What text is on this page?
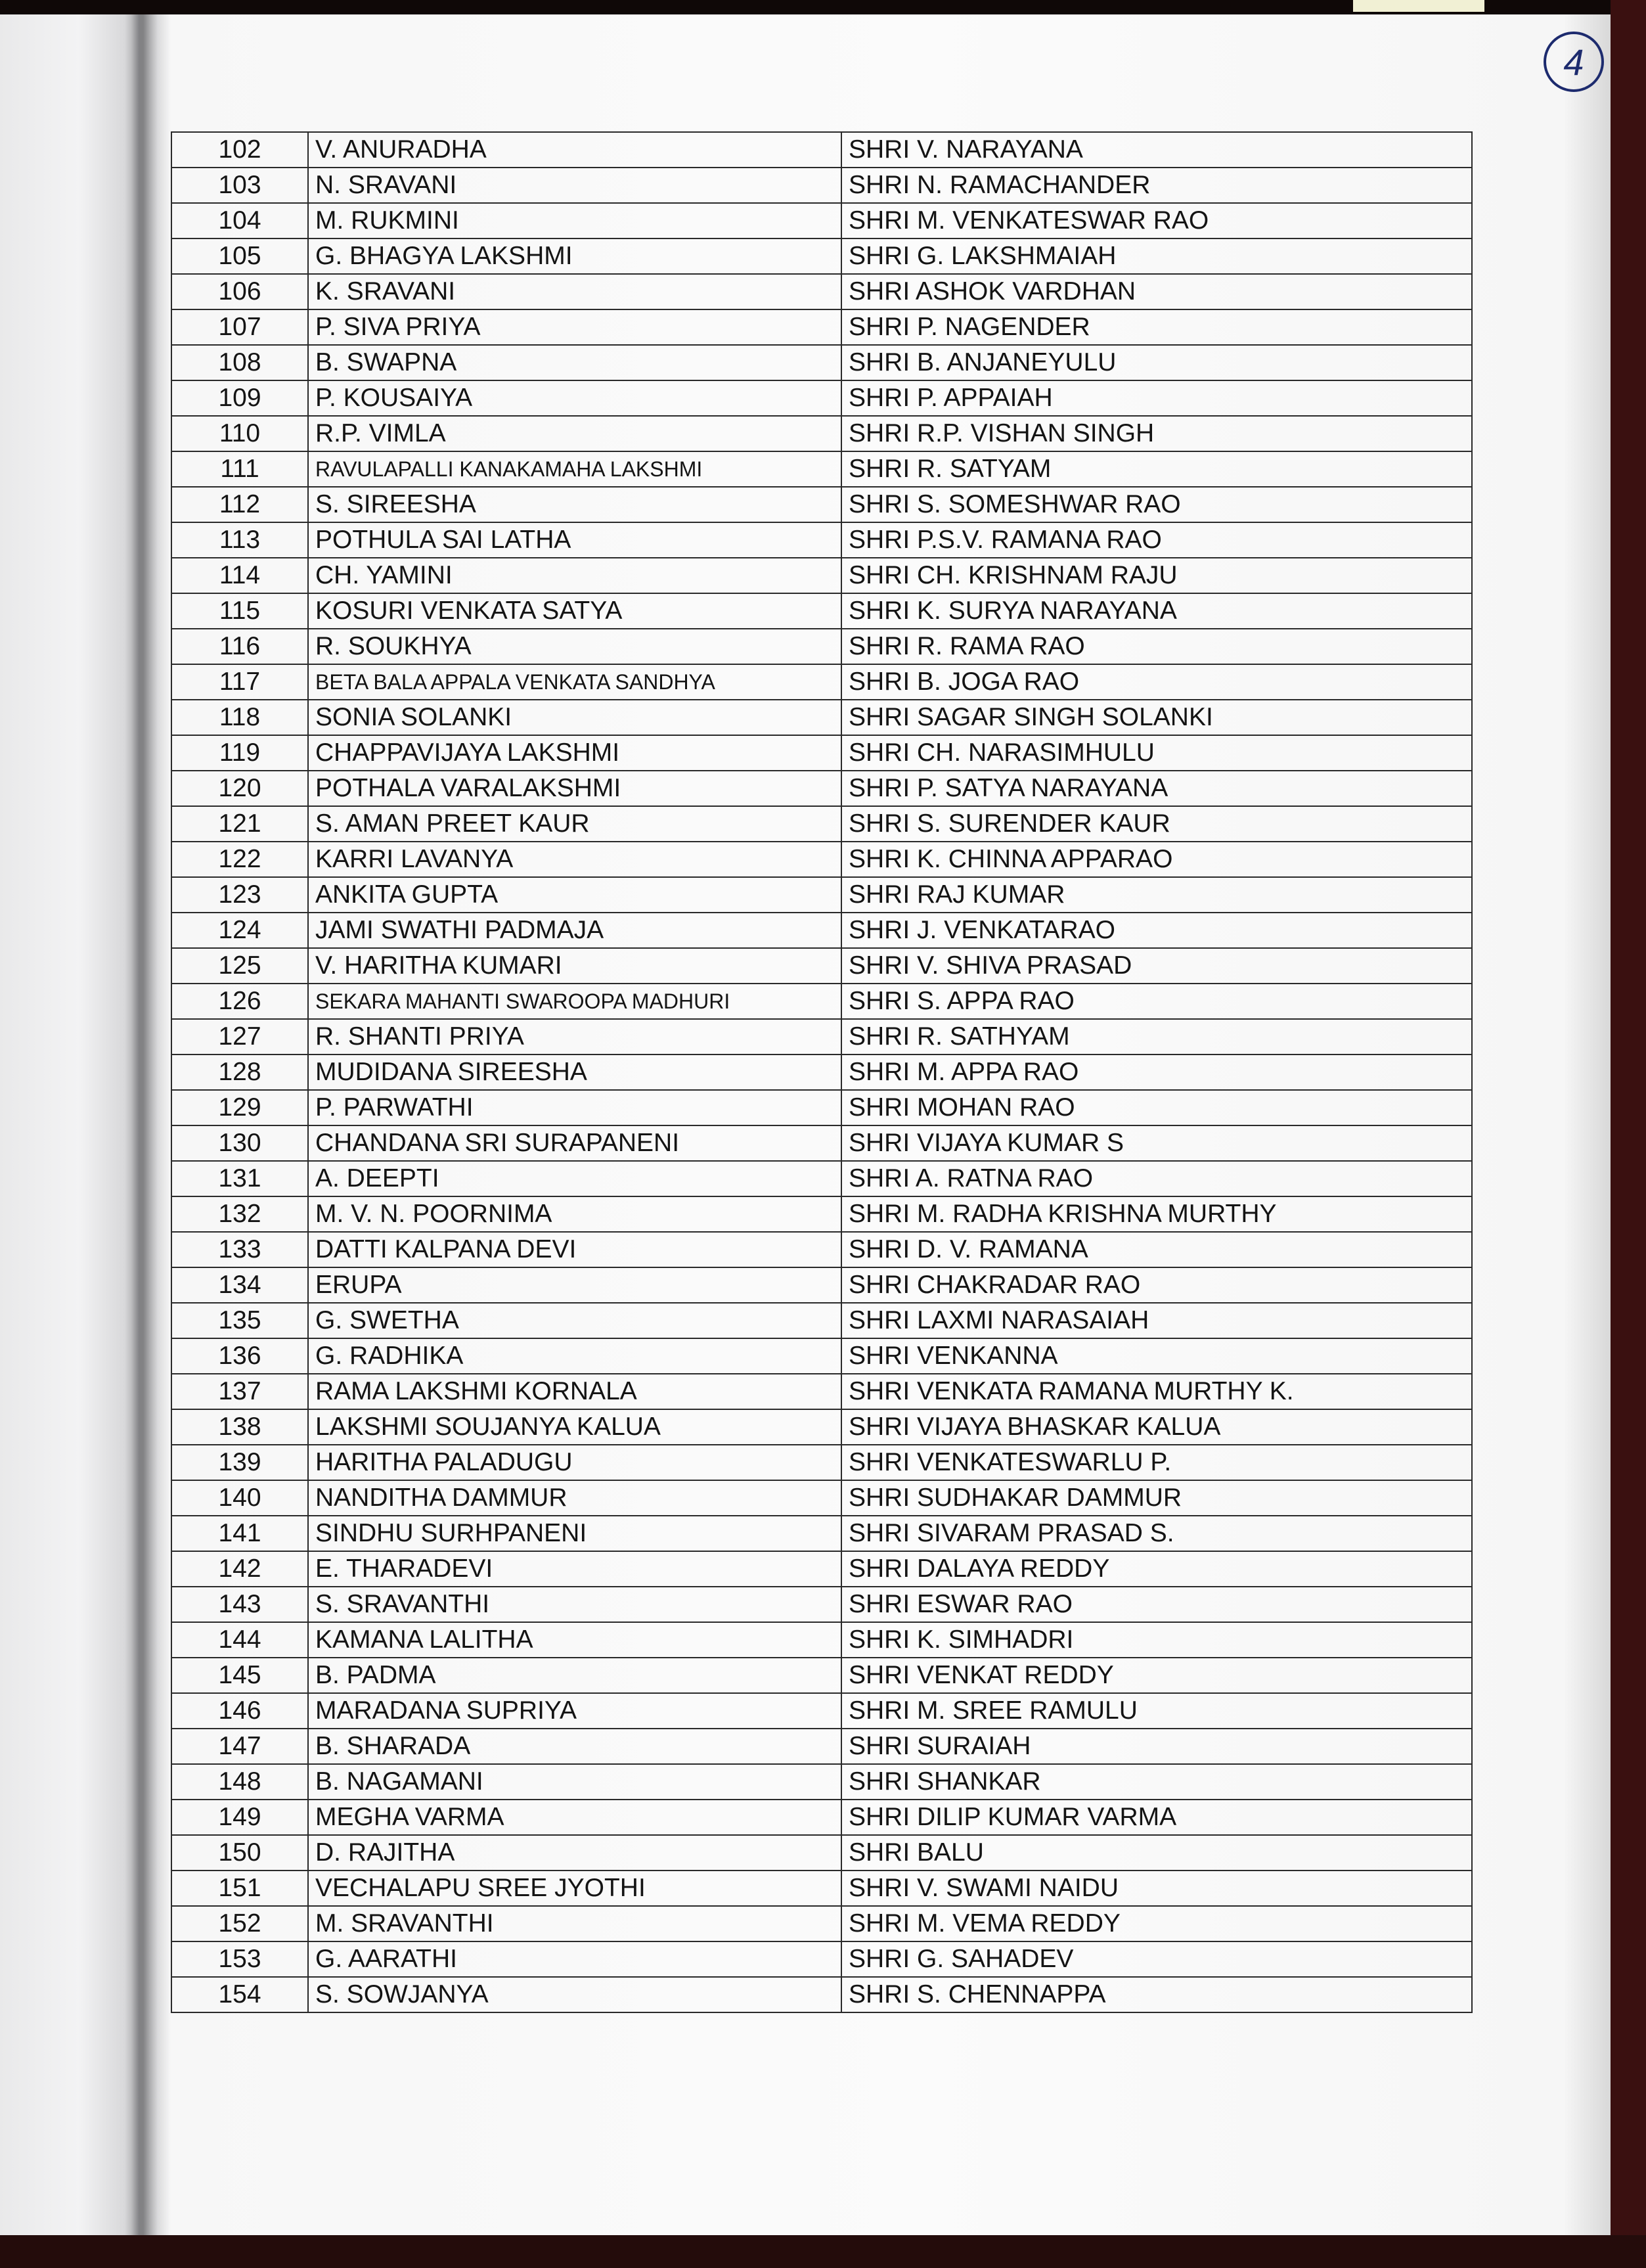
4
102	V. ANURADHA	SHRI V. NARAYANA
103	N. SRAVANI	SHRI N. RAMACHANDER
104	M. RUKMINI	SHRI M. VENKATESWAR RAO
105	G. BHAGYA LAKSHMI	SHRI G. LAKSHMAIAH
106	K. SRAVANI	SHRI ASHOK VARDHAN
107	P. SIVA PRIYA	SHRI P. NAGENDER
108	B. SWAPNA	SHRI B. ANJANEYULU
109	P. KOUSAIYA	SHRI P. APPAIAH
110	R.P. VIMLA	SHRI R.P. VISHAN SINGH
111	RAVULAPALLI KANAKAMAHA LAKSHMI	SHRI R. SATYAM
112	S. SIREESHA	SHRI S. SOMESHWAR RAO
113	POTHULA SAI LATHA	SHRI P.S.V. RAMANA RAO
114	CH. YAMINI	SHRI CH. KRISHNAM RAJU
115	KOSURI VENKATA SATYA	SHRI K. SURYA NARAYANA
116	R. SOUKHYA	SHRI R. RAMA RAO
117	BETA BALA APPALA VENKATA SANDHYA	SHRI B. JOGA RAO
118	SONIA SOLANKI	SHRI SAGAR SINGH SOLANKI
119	CHAPPAVIJAYA LAKSHMI	SHRI CH. NARASIMHULU
120	POTHALA VARALAKSHMI	SHRI P. SATYA NARAYANA
121	S. AMAN PREET KAUR	SHRI S. SURENDER KAUR
122	KARRI LAVANYA	SHRI K. CHINNA APPARAO
123	ANKITA GUPTA	SHRI RAJ KUMAR
124	JAMI SWATHI PADMAJA	SHRI J. VENKATARAO
125	V. HARITHA KUMARI	SHRI V. SHIVA PRASAD
126	SEKARA MAHANTI SWAROOPA MADHURI	SHRI S. APPA RAO
127	R. SHANTI PRIYA	SHRI R. SATHYAM
128	MUDIDANA SIREESHA	SHRI M. APPA RAO
129	P. PARWATHI	SHRI MOHAN RAO
130	CHANDANA SRI SURAPANENI	SHRI VIJAYA KUMAR S
131	A. DEEPTI	SHRI A. RATNA RAO
132	M. V. N. POORNIMA	SHRI M. RADHA KRISHNA MURTHY
133	DATTI KALPANA DEVI	SHRI D. V. RAMANA
134	ERUPA	SHRI CHAKRADAR RAO
135	G. SWETHA	SHRI LAXMI NARASAIAH
136	G. RADHIKA	SHRI VENKANNA
137	RAMA LAKSHMI KORNALA	SHRI VENKATA RAMANA MURTHY K.
138	LAKSHMI SOUJANYA KALUA	SHRI VIJAYA BHASKAR KALUA
139	HARITHA PALADUGU	SHRI VENKATESWARLU P.
140	NANDITHA DAMMUR	SHRI SUDHAKAR DAMMUR
141	SINDHU SURHPANENI	SHRI SIVARAM PRASAD S.
142	E. THARADEVI	SHRI DALAYA REDDY
143	S. SRAVANTHI	SHRI ESWAR RAO
144	KAMANA LALITHA	SHRI K. SIMHADRI
145	B. PADMA	SHRI VENKAT REDDY
146	MARADANA SUPRIYA	SHRI M. SREE RAMULU
147	B. SHARADA	SHRI SURAIAH
148	B. NAGAMANI	SHRI SHANKAR
149	MEGHA VARMA	SHRI DILIP KUMAR VARMA
150	D. RAJITHA	SHRI BALU
151	VECHALAPU SREE JYOTHI	SHRI V. SWAMI NAIDU
152	M. SRAVANTHI	SHRI M. VEMA REDDY
153	G. AARATHI	SHRI G. SAHADEV
154	S. SOWJANYA	SHRI S. CHENNAPPA
